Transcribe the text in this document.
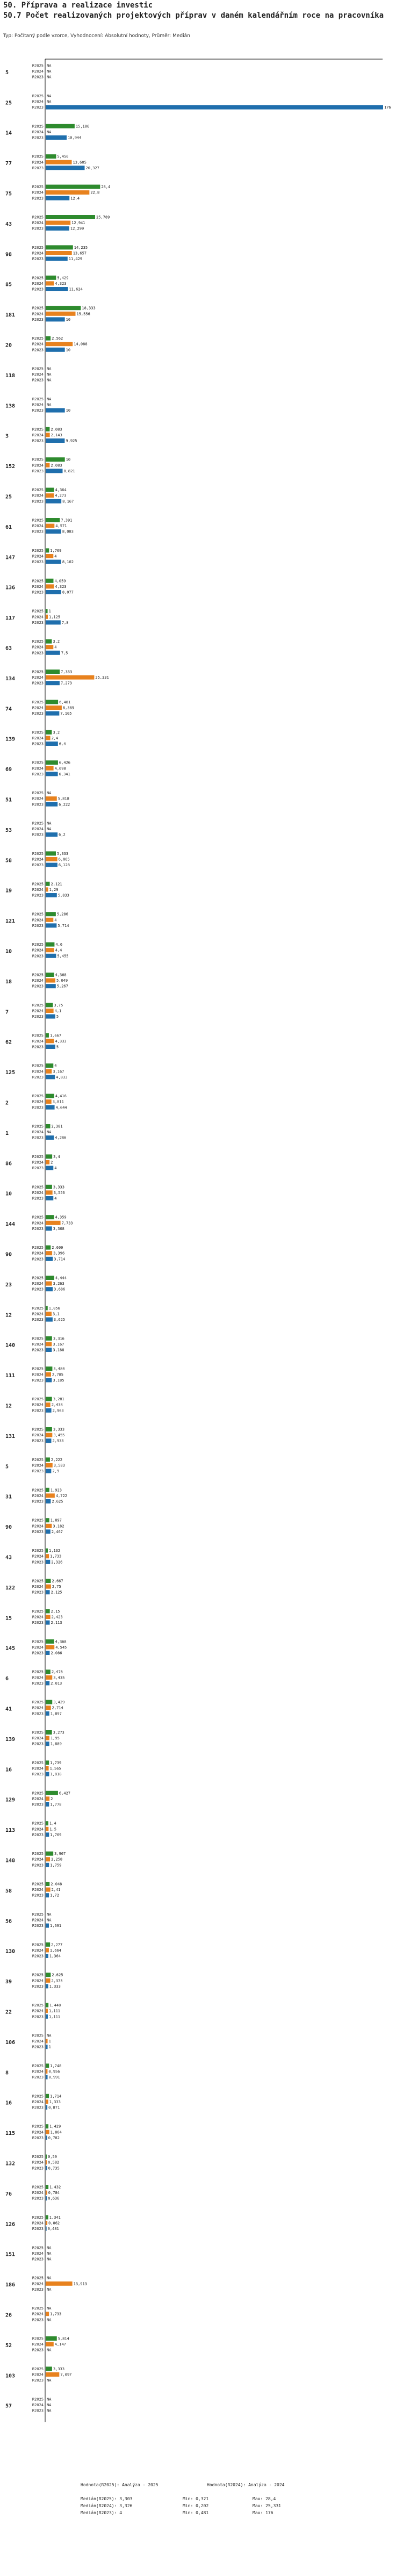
50. Příprava a realizace investic
50.7 Počet realizovaných projektových příprav v daném kalendářním roce na pracovníka
Typ: Počítaný podle vzorce, Vyhodnocení: Absolutní hodnoty, Průměr: Medián
5
R2025 NA
R2024 NA
R2023 NA
25
R2025 NA
R2024 NA
R2023	176
14
R2025	15,106
R2024 NA
R2023	10,944
77
R2025	5,456
R2024	13,605
R2023	20,327
75
R2025	28,4
R2024	22,8
R2023	12,4
43
R2025	25,789
R2024	12,941
R2023	12,299
98
R2025	14,235
R2024	13,657
R2023	11,429
85
R2025	5,429
R2024	4,323
R2023	11,624
181
R2025	18,333
R2024	15,556
R2023	10
20
R2025 2,562
R2024	14,088
R2023	10
118
R2025 NA
R2024 NA
R2023 NA
138
R2025 NA
R2024 NA
R2023	10
3
R2025 2,083
R2024 2,143
R2023	9,925
152
R2025	10
R2024 2,083
R2023	8,821
25
R2025	4,364
R2024	4,273
R2023	8,167
61
R2025	7,391
R2024	4,571
R2023	8,083
147
R2025 1,769
R2024	4
R2023	8,102
136
R2025	4,059
R2024	4,323
R2023	8,077
117
R2025 1
R2024 1,125
R2023	7,8
63
R2025 3,2
R2024	4
R2023	7,5
134
R2025	7,333
R2024	25,331
R2023	7,273
74
R2025	6,481
R2024	8,389
R2023	7,105
139
R2025 3,2
R2024 2,4
R2023	6,4
69
R2025	6,426
R2024	4,098
R2023	6,341
51
R2025 NA
R2024	5,818
R2023	6,222
53
R2025 NA
R2024 NA
R2023	6,2
58
R2025	5,333
R2024	6,065
R2023	6,128
19
R2025 2,121
R2024 1,29
R2023	5,833
121
R2025	5,286
R2024	4
R2023	5,714
10
R2025	4,6
R2024	4,4
R2023	5,455
18
R2025	4,368
R2024	5,049
R2023	5,267
7
R2025	3,75
R2024	4,1
R2023	5
62
R2025 1,667
R2024	4,333
R2023	5
125
R2025	4
R2024 3,167
R2023	4,833
2
R2025	4,416
R2024 3,011
R2023	4,644
1
R2025 2,381
R2024 NA
R2023	4,286
86
R2025	3,4
R2024 2
R2023	4
10
R2025	3,333
R2024	3,556
R2023	4
144
R2025	4,359
R2024	7,733
R2023	3,308
90
R2025 2,609
R2024	3,396
R2023	3,714
23
R2025	4,444
R2024	3,263
R2023	3,686
12
R2025 1,056
R2024 3,1
R2023	3,625
140
R2025	3,316
R2024 3,167
R2023 3,188
111
R2025	3,484
R2024 2,785
R2023 3,185
12
R2025	3,281
R2024 2,438
R2023 2,963
131
R2025	3,333
R2024	3,455
R2023 2,933
5
R2025 2,222
R2024	3,583
R2023 2,9
31
R2025 1,923
R2024	4,722
R2023 2,625
90
R2025 1,897
R2024 3,182
R2023 2,467
43
R2025 1,132
R2024 1,733
R2023 2,326
122
R2025 2,667
R2024 2,75
R2023 2,125
15
R2025 2,15
R2024 2,423
R2023 2,113
145
R2025	4,368
R2024	4,545
R2023 2,086
6
R2025 2,476
R2024	3,435
R2023 2,013
41
R2025	3,429
R2024 2,714
R2023 1,897
139
R2025	3,273
R2024 1,95
R2023 1,889
16
R2025 1,739
R2024 1,565
R2023 1,818
129
R2025	6,427
R2024 2
R2023 1,778
113
R2025 1,4
R2024 1,5
R2023 1,769
148
R2025	3,967
R2024 2,258
R2023 1,759
58
R2025 2,048
R2024 2,41
R2023 1,72
56
R2025 NA
R2024 NA
R2023 1,691
130
R2025 2,277
R2024 1,664
R2023 1,364
39
R2025 2,625
R2024 2,375
R2023 1,333
22
R2025 1,448
R2024 1,111
R2023 1,111
106
R2025 NA
R2024 1
R2023 1
8
R2025 1,748
R2024 0,956
R2023 0,991
16
R2025 1,714
R2024 1,333
R2023 0,871
115
R2025 1,429
R2024 1,864
R2023 0,782
132
R2025 0,59
R2024 0,582
R2023 0,735
76
R2025 1,432
R2024 0,784
R2023 0,636
126
R2025 1,341
R2024 0,862
R2023 0,481
151
R2025 NA
R2024 NA
R2023 NA
186
R2025 NA
R2024	13,913
R2023 NA
26
R2025 NA
R2024 1,733
R2023 NA
52
R2025	5,814
R2024	4,147
R2023 NA
103
R2025	3,333
R2024	7,097
R2023 NA
57
R2025 NA
R2024 NA
R2023 NA
Hodnota(R2025): Analýza - 2025
Medián(R2025): 3,303
Medián(R2024): 3,326
Medián(R2023): 4
Hodnota(R2024): Analýza - 2024
Min: 0,321
Min: 0,202
Min: 0,481
Max: 28,4
Max: 25,331
Max: 176
